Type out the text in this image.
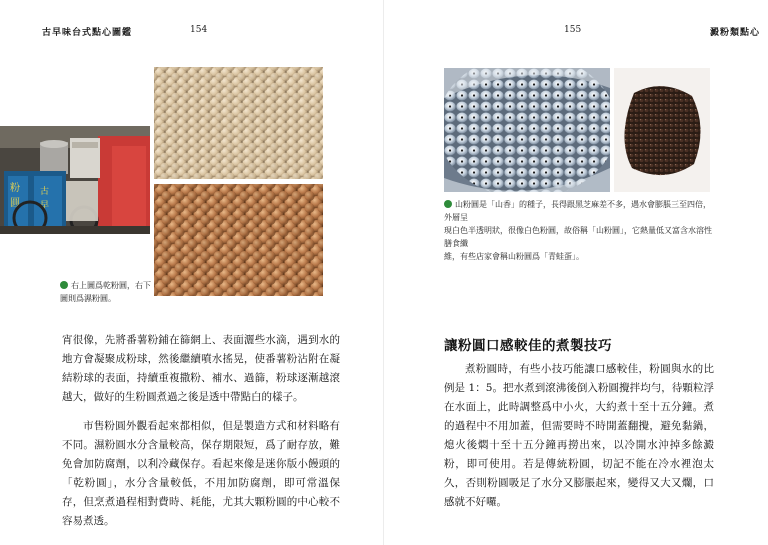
古早味台式點心圖鑑	154
粉
圓
古
早
右上圖爲乾粉圓，右下
圖則爲濕粉圓。

宵很像，先將番薯粉鋪在篩網上、表面灑些水滴，遇到水的地方會凝聚成粉球，然後繼續噴水搖晃，使番薯粉沾附在凝結粉球的表面，持續重複撒粉、補水、過篩，粉球逐漸越滾越大，做好的生粉圓煮過之後是透中帶點白的樣子。

市售粉圓外觀看起來都相似，但是製造方式和材料略有不同。濕粉圓水分含量較高，保存期限短，爲了耐存放，難免會加防腐劑，以利冷藏保存。看起來像是迷你版小饅頭的「乾粉圓」，水分含量較低，不用加防腐劑，即可常溫保存，但烹煮過程相對費時、耗能，尤其大顆粉圓的中心較不容易煮透。

155	澱粉類點心
山粉圓是「山香」的種子，長得跟黑芝麻差不多，遇水會膨脹三至四倍，外層呈
現白色半透明狀，很像白色粉圓，故俗稱「山粉圓」，它熱量低又富含水溶性膳食纖
維，有些店家會稱山粉圓爲「青蛙蛋」。
讓粉圓口感較佳的煮製技巧

煮粉圓時，有些小技巧能讓口感較佳，粉圓與水的比例是 1：5。把水煮到滾沸後倒入粉圓攪拌均勻，待顆粒浮在水面上，此時調整爲中小火，大約煮十至十五分鐘。煮的過程中不用加蓋，但需要時不時開蓋翻攪，避免黏鍋，熄火後燜十至十五分鐘再撈出來，以冷開水沖掉多餘澱粉，即可使用。若是傳統粉圓，切記不能在冷水裡泡太久，否則粉圓吸足了水分又膨脹起來，變得又大又爛，口感就不好囉。
